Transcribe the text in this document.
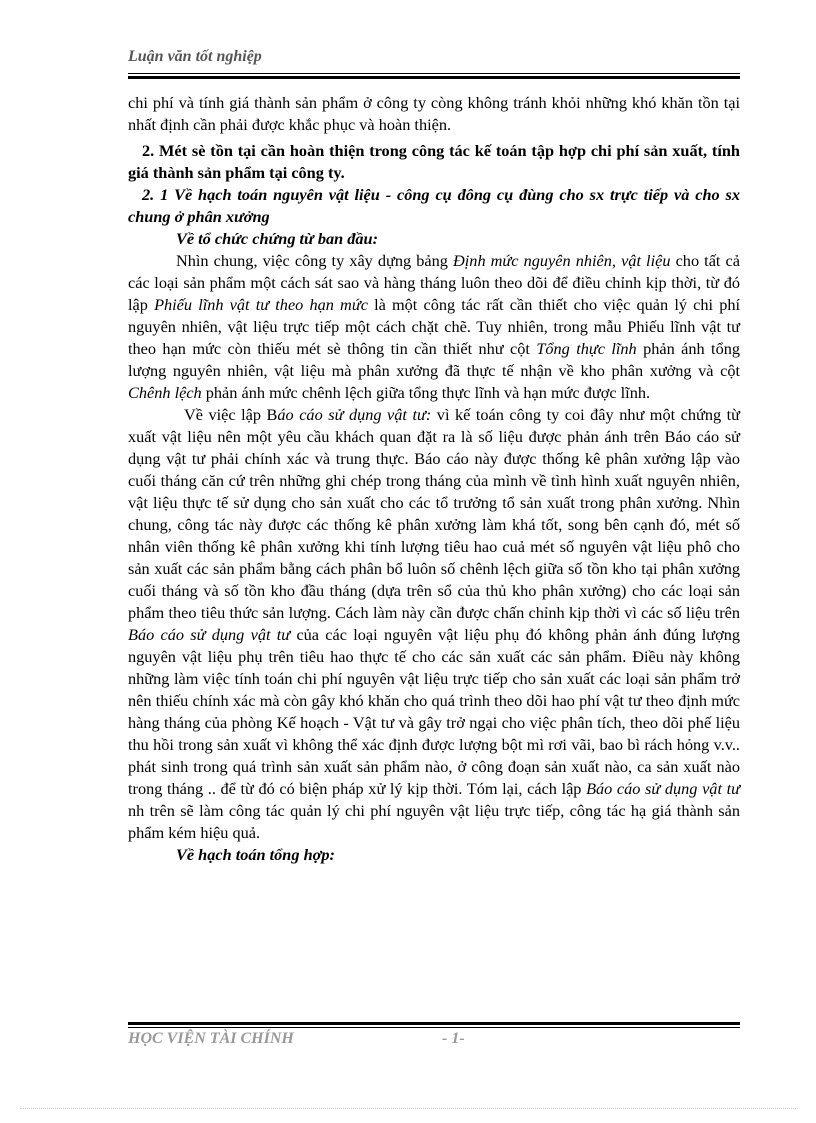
Luận văn tốt nghiệp

chi phí và tính giá thành sản phẩm ở công ty còng không tránh khỏi những khó khăn tồn tại nhất định cần phải được khắc phục và hoàn thiện.

2. Mét sè tồn tại cần hoàn thiện trong công tác kế toán tập hợp chi phí sản xuất, tính giá thành sản phẩm tại công ty.

2. 1 Về hạch toán nguyên vật liệu - công cụ đông cụ đùng cho sx trực tiếp và cho sx chung ở phân xưởng

Về tổ chức chứng từ ban đầu:

Nhìn chung, việc công ty xây dựng bảng Định mức nguyên nhiên, vật liệu cho tất cả các loại sản phẩm một cách sát sao và hàng tháng luôn theo dõi để điều chỉnh kịp thời, từ đó lập Phiếu lĩnh vật tư theo hạn mức là một công tác rất cần thiết cho việc quản lý chi phí nguyên nhiên, vật liệu trực tiếp một cách chặt chẽ. Tuy nhiên, trong mẫu Phiếu lĩnh vật tư theo hạn mức còn thiếu mét sè thông tin cần thiết như cột Tổng thực lĩnh phản ánh tổng lượng nguyên nhiên, vật liệu mà phân xưởng đã thực tế nhận về kho phân xưởng và cột Chênh lệch phản ánh mức chênh lệch giữa tổng thực lĩnh và hạn mức được lĩnh.

Về việc lập Báo cáo sử dụng vật tư: vì kế toán công ty coi đây như một chứng từ xuất vật liệu nên một yêu cầu khách quan đặt ra là số liệu được phản ánh trên Báo cáo sử dụng vật tư phải chính xác và trung thực. Báo cáo này được thống kê phân xưởng lập vào cuối tháng căn cứ trên những ghi chép trong tháng của mình về tình hình xuất nguyên nhiên, vật liệu thực tế sử dụng cho sản xuất cho các tổ trưởng tổ sản xuất trong phân xưởng. Nhìn chung, công tác này được các thống kê phân xưởng làm khá tốt, song bên cạnh đó, mét số nhân viên thống kê phân xưởng khi tính lượng tiêu hao cuả mét số nguyên vật liệu phô cho sản xuất các sản phẩm bằng cách phân bổ luôn số chênh lệch giữa số tồn kho tại phân xưởng cuối tháng và số tồn kho đầu tháng (dựa trên sổ của thủ kho phân xưởng) cho các loại sản phẩm theo tiêu thức sản lượng. Cách làm này cần được chấn chỉnh kịp thời vì các số liệu trên Báo cáo sử dụng vật tư của các loại nguyên vật liệu phụ đó không phản ánh đúng lượng nguyên vật liệu phụ trên tiêu hao thực tế cho các sản xuất các sản phẩm. Điều này không những làm việc tính toán chi phí nguyên vật liệu trực tiếp cho sản xuất các loại sản phẩm trở nên thiếu chính xác mà còn gây khó khăn cho quá trình theo dõi hao phí vật tư theo định mức hàng tháng của phòng Kế hoạch - Vật tư và gây trở ngại cho việc phân tích, theo dõi phế liệu thu hồi trong sản xuất vì không thể xác định được lượng bột mì rơi vãi, bao bì rách hỏng v.v.. phát sinh trong quá trình sản xuất sản phẩm nào, ở công đoạn sản xuất nào, ca sản xuất nào trong tháng .. để từ đó có biện pháp xử lý kịp thời. Tóm lại, cách lập Báo cáo sử dụng vật tư nh trên sẽ làm công tác quản lý chi phí nguyên vật liệu trực tiếp, công tác hạ giá thành sản phẩm kém hiệu quả.

Về hạch toán tổng hợp:

HỌC VIỆN TÀI CHÍNH	- 1-
